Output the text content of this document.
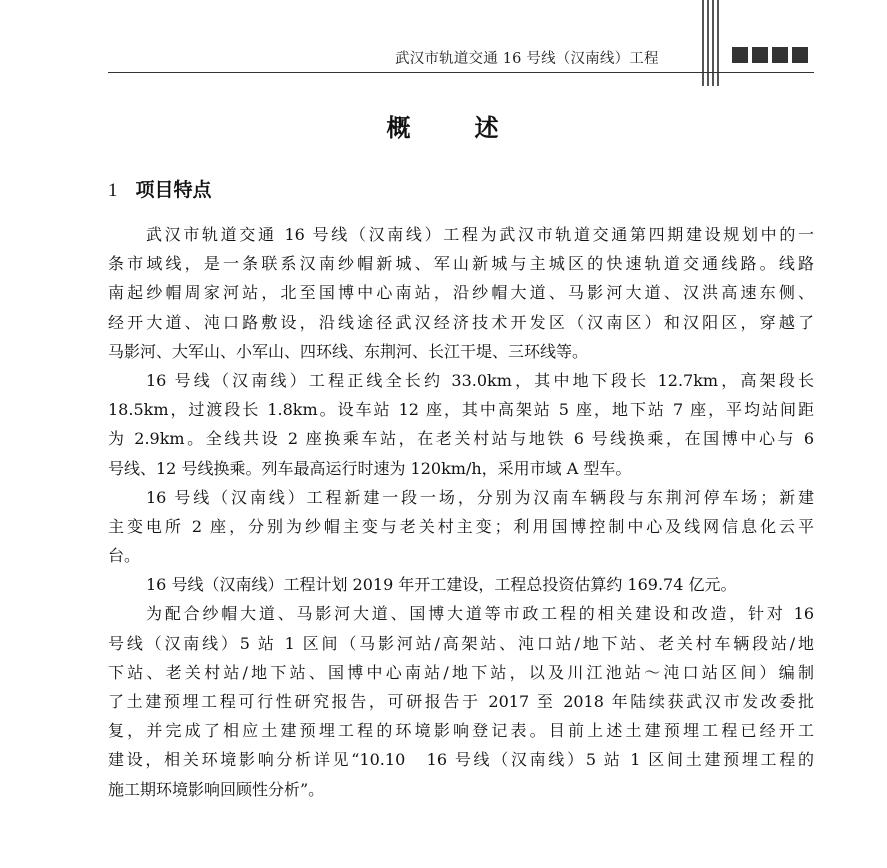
武汉市轨道交通 16 号线（汉南线）工程
概	述
1 项目特点
武汉市轨道交通 16 号线（汉南线）工程为武汉市轨道交通第四期建设规划中的一
条市域线，是一条联系汉南纱帽新城、军山新城与主城区的快速轨道交通线路。线路
南起纱帽周家河站，北至国博中心南站，沿纱帽大道、马影河大道、汉洪高速东侧、
经开大道、沌口路敷设，沿线途径武汉经济技术开发区（汉南区）和汉阳区，穿越了
马影河、大军山、小军山、四环线、东荆河、长江干堤、三环线等。
16 号线（汉南线）工程正线全长约 33.0km，其中地下段长 12.7km，高架段长
18.5km，过渡段长 1.8km。设车站 12 座，其中高架站 5 座，地下站 7 座，平均站间距
为 2.9km。全线共设 2 座换乘车站，在老关村站与地铁 6 号线换乘，在国博中心与 6
号线、12 号线换乘。列车最高运行时速为 120km/h，采用市域 A 型车。
16 号线（汉南线）工程新建一段一场，分别为汉南车辆段与东荆河停车场；新建
主变电所 2 座，分别为纱帽主变与老关村主变；利用国博控制中心及线网信息化云平
台。
16 号线（汉南线）工程计划 2019 年开工建设，工程总投资估算约 169.74 亿元。
为配合纱帽大道、马影河大道、国博大道等市政工程的相关建设和改造，针对 16
号线（汉南线）5 站 1 区间（马影河站/高架站、沌口站/地下站、老关村车辆段站/地
下站、老关村站/地下站、国博中心南站/地下站，以及川江池站～沌口站区间）编制
了土建预埋工程可行性研究报告，可研报告于 2017 至 2018 年陆续获武汉市发改委批
复，并完成了相应土建预埋工程的环境影响登记表。目前上述土建预埋工程已经开工
建设，相关环境影响分析详见“10.10　16 号线（汉南线）5 站 1 区间土建预埋工程的
施工期环境影响回顾性分析”。
